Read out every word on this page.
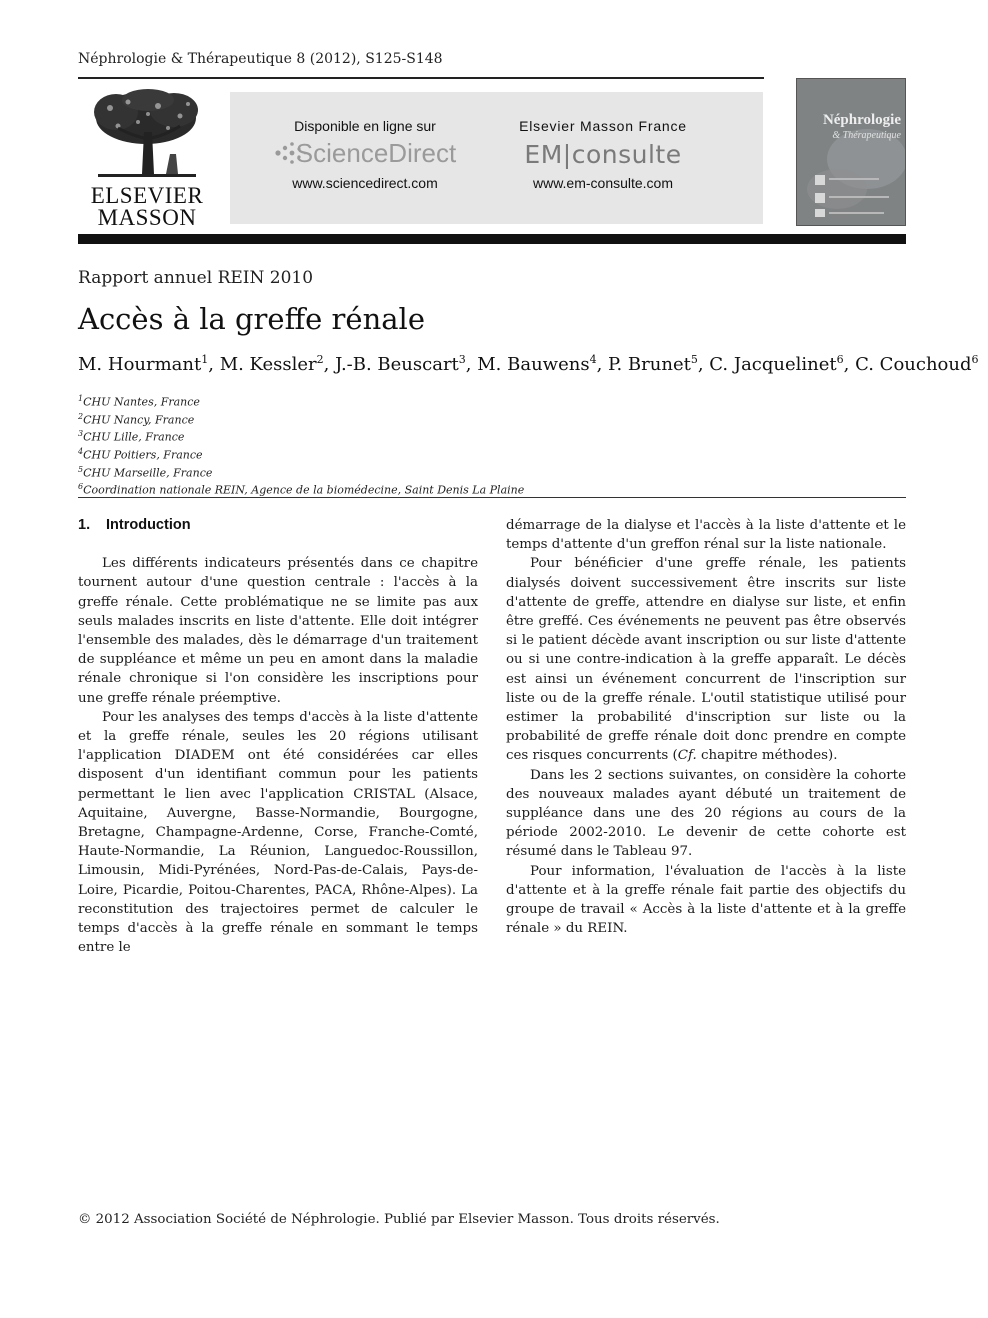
Néphrologie & Thérapeutique 8 (2012), S125-S148
ELSEVIER
MASSON
Disponible en ligne sur
ScienceDirect
www.sciencedirect.com
Elsevier Masson France
EM|consulte
www.em-consulte.com
Néphrologie
& Thérapeutique
Rapport annuel REIN 2010
Accès à la greffe rénale
M. Hourmant$^1$, M. Kessler$^2$, J.-B. Beuscart$^3$, M. Bauwens$^4$, P. Brunet$^5$, C. Jacquelinet$^6$, C. Couchoud$^6$
$^1$CHU Nantes, France
$^2$CHU Nancy, France
$^3$CHU Lille, France
$^4$CHU Poitiers, France
$^5$CHU Marseille, France
$^6$Coordination nationale REIN, Agence de la biomédecine, Saint Denis La Plaine
1. Introduction

Les différents indicateurs présentés dans ce chapitre tournent autour d'une question centrale : l'accès à la greffe rénale. Cette problématique ne se limite pas aux seuls malades inscrits en liste d'attente. Elle doit intégrer l'ensemble des malades, dès le démarrage d'un traitement de suppléance et même un peu en amont dans la maladie rénale chronique si l'on considère les inscriptions pour une greffe rénale préemptive.

Pour les analyses des temps d'accès à la liste d'attente et la greffe rénale, seules les 20 régions utilisant l'application DIADEM ont été considérées car elles disposent d'un identifiant commun pour les patients permettant le lien avec l'application CRISTAL (Alsace, Aquitaine, Auvergne, Basse-Normandie, Bourgogne, Bretagne, Champagne-Ardenne, Corse, Franche-Comté, Haute-Normandie, La Réunion, Languedoc-Roussillon, Limousin, Midi-Pyrénées, Nord-Pas-de-Calais, Pays-de-Loire, Picardie, Poitou-Charentes, PACA, Rhône-Alpes). La reconstitution des trajectoires permet de calculer le temps d'accès à la greffe rénale en sommant le temps entre le

démarrage de la dialyse et l'accès à la liste d'attente et le temps d'attente d'un greffon rénal sur la liste nationale.

Pour bénéficier d'une greffe rénale, les patients dialysés doivent successivement être inscrits sur liste d'attente de greffe, attendre en dialyse sur liste, et enfin être greffé. Ces événements ne peuvent pas être observés si le patient décède avant inscription ou sur liste d'attente ou si une contre-indication à la greffe apparaît. Le décès est ainsi un événement concurrent de l'inscription sur liste ou de la greffe rénale. L'outil statistique utilisé pour estimer la probabilité d'inscription sur liste ou la probabilité de greffe rénale doit donc prendre en compte ces risques concurrents (Cf. chapitre méthodes).

Dans les 2 sections suivantes, on considère la cohorte des nouveaux malades ayant débuté un traitement de suppléance dans une des 20 régions au cours de la période 2002-2010. Le devenir de cette cohorte est résumé dans le Tableau 97.

Pour information, l'évaluation de l'accès à la liste d'attente et à la greffe rénale fait partie des objectifs du groupe de travail « Accès à la liste d'attente et à la greffe rénale » du REIN.

© 2012 Association Société de Néphrologie. Publié par Elsevier Masson. Tous droits réservés.
